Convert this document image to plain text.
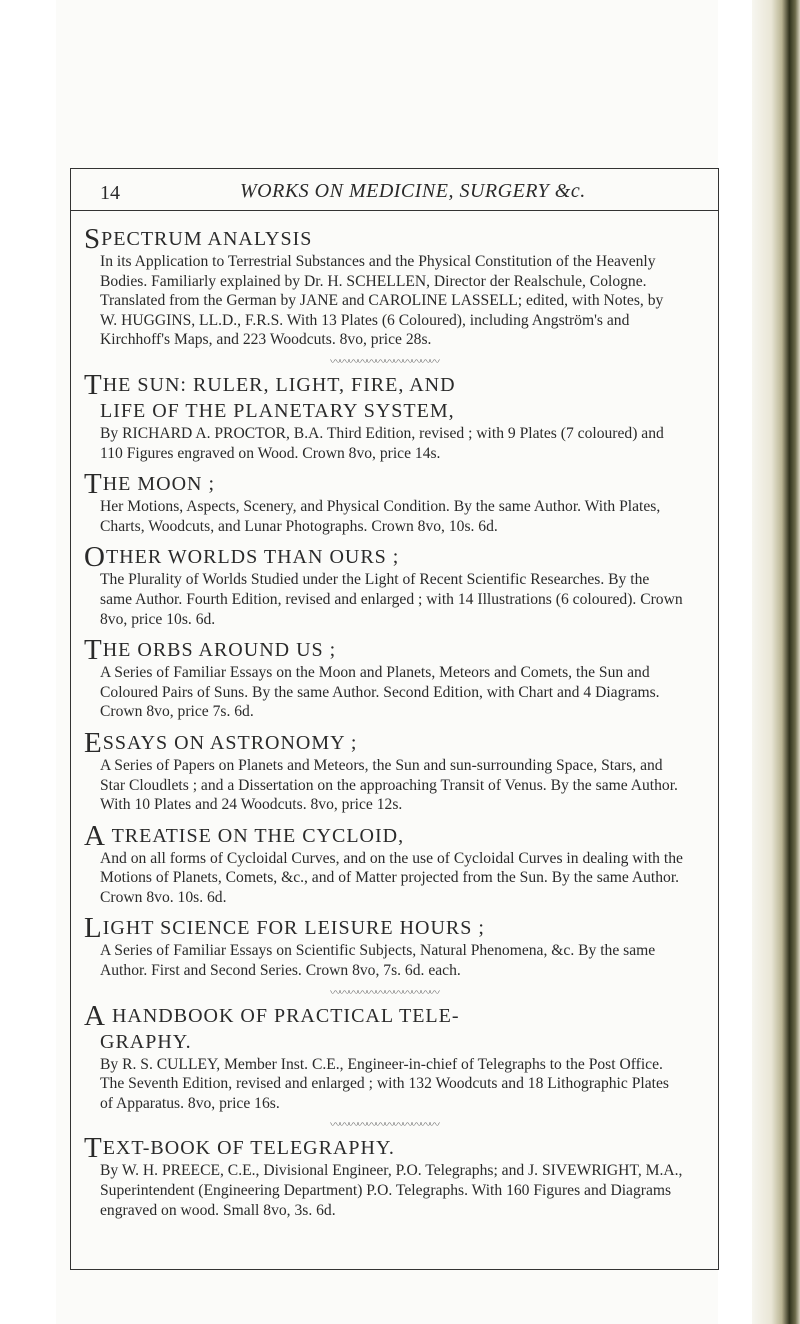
14	WORKS ON MEDICINE, SURGERY &c.

SPECTRUM ANALYSIS

In its Application to Terrestrial Substances and the Physical Constitution of the Heavenly Bodies. Familiarly explained by Dr. H. SCHELLEN, Director der Realschule, Cologne. Translated from the German by JANE and CAROLINE LASSELL; edited, with Notes, by W. HUGGINS, LL.D., F.R.S. With 13 Plates (6 Coloured), including Angström's and Kirchhoff's Maps, and 223 Woodcuts. 8vo, price 28s.

〰〰〰〰〰〰〰〰〰〰〰〰

THE SUN: RULER, LIGHT, FIRE, AND

LIFE OF THE PLANETARY SYSTEM,

By RICHARD A. PROCTOR, B.A. Third Edition, revised ; with 9 Plates (7 coloured) and 110 Figures engraved on Wood. Crown 8vo, price 14s.

THE MOON ;

Her Motions, Aspects, Scenery, and Physical Condition. By the same Author. With Plates, Charts, Woodcuts, and Lunar Photographs. Crown 8vo, 10s. 6d.

OTHER WORLDS THAN OURS ;

The Plurality of Worlds Studied under the Light of Recent Scientific Researches. By the same Author. Fourth Edition, revised and enlarged ; with 14 Illustrations (6 coloured). Crown 8vo, price 10s. 6d.

THE ORBS AROUND US ;

A Series of Familiar Essays on the Moon and Planets, Meteors and Comets, the Sun and Coloured Pairs of Suns. By the same Author. Second Edition, with Chart and 4 Diagrams. Crown 8vo, price 7s. 6d.

ESSAYS ON ASTRONOMY ;

A Series of Papers on Planets and Meteors, the Sun and sun-surrounding Space, Stars, and Star Cloudlets ; and a Dissertation on the approaching Transit of Venus. By the same Author. With 10 Plates and 24 Woodcuts. 8vo, price 12s.

A TREATISE ON THE CYCLOID,

And on all forms of Cycloidal Curves, and on the use of Cycloidal Curves in dealing with the Motions of Planets, Comets, &c., and of Matter projected from the Sun. By the same Author. Crown 8vo. 10s. 6d.

LIGHT SCIENCE FOR LEISURE HOURS ;

A Series of Familiar Essays on Scientific Subjects, Natural Phenomena, &c. By the same Author. First and Second Series. Crown 8vo, 7s. 6d. each.

〰〰〰〰〰〰〰〰〰〰〰〰

A HANDBOOK OF PRACTICAL TELE-

GRAPHY.

By R. S. CULLEY, Member Inst. C.E., Engineer-in-chief of Telegraphs to the Post Office. The Seventh Edition, revised and enlarged ; with 132 Woodcuts and 18 Lithographic Plates of Apparatus. 8vo, price 16s.

〰〰〰〰〰〰〰〰〰〰〰〰

TEXT-BOOK OF TELEGRAPHY.

By W. H. PREECE, C.E., Divisional Engineer, P.O. Telegraphs; and J. SIVEWRIGHT, M.A., Superintendent (Engineering Department) P.O. Telegraphs. With 160 Figures and Diagrams engraved on wood. Small 8vo, 3s. 6d.
